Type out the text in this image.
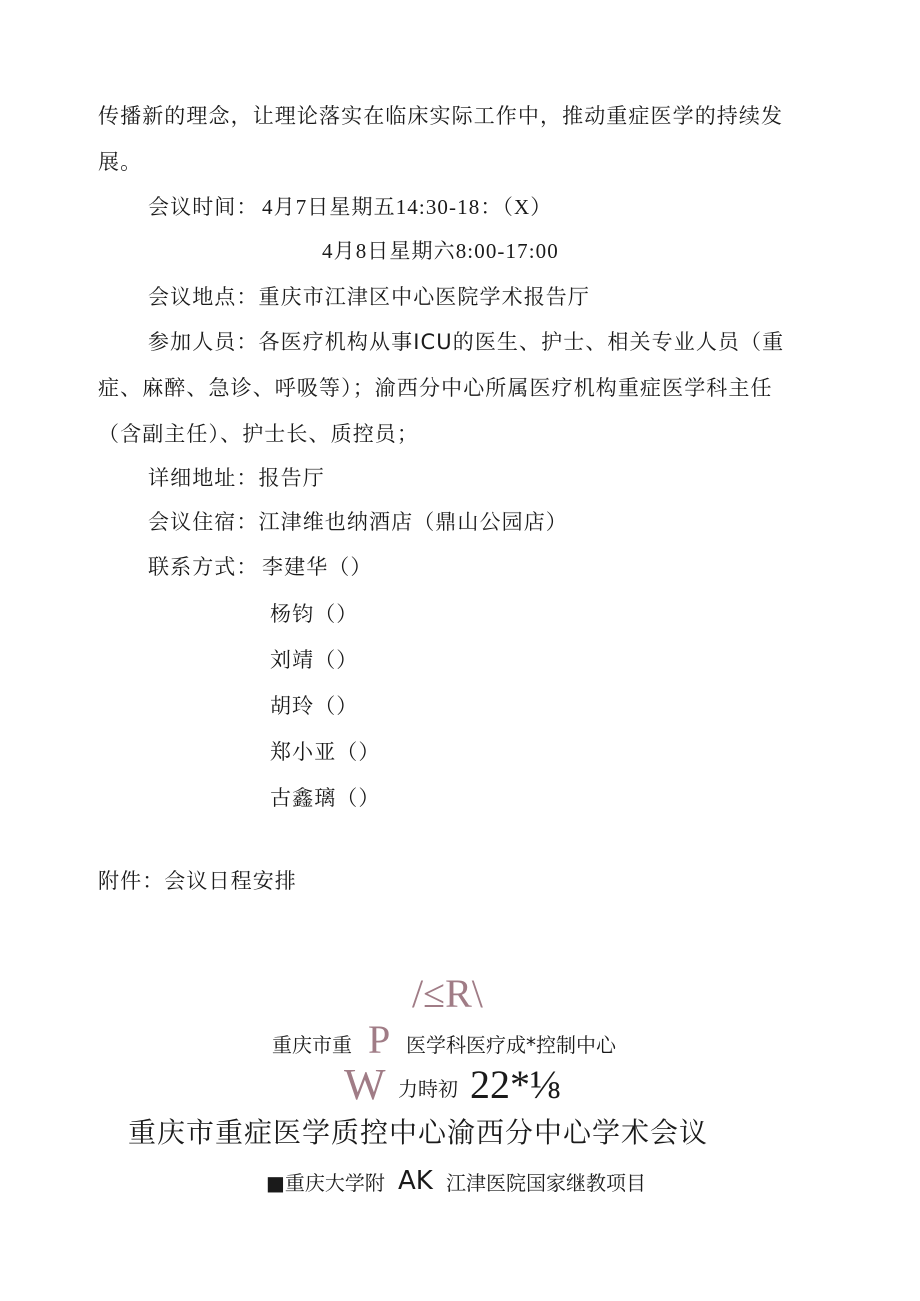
传播新的理念，让理论落实在临床实际工作中，推动重症医学的持续发
展。
会议时间： 4月7日星期五14:30-18：（X）
4月8日星期六8:00-17:00
会议地点：重庆市江津区中心医院学术报告厅
参加人员：各医疗机构从事ICU的医生、护士、相关专业人员（重
症、麻醉、急诊、呼吸等）；渝西分中心所属医疗机构重症医学科主任
（含副主任）、护士长、质控员；
详细地址：报告厅
会议住宿：江津维也纳酒店（鼎山公园店）
联系方式： 李建华（）
杨钧（）
刘靖（）
胡玲（）
郑小亚（）
古鑫璃（）
附件：会议日程安排
/≤R\
重庆市重 P 医学科医疗成*控制中心
W 力時初 22*⅛
重庆市重症医学质控中心渝西分中心学术会议
■重庆大学附 AK 江津医院国家继教项目
